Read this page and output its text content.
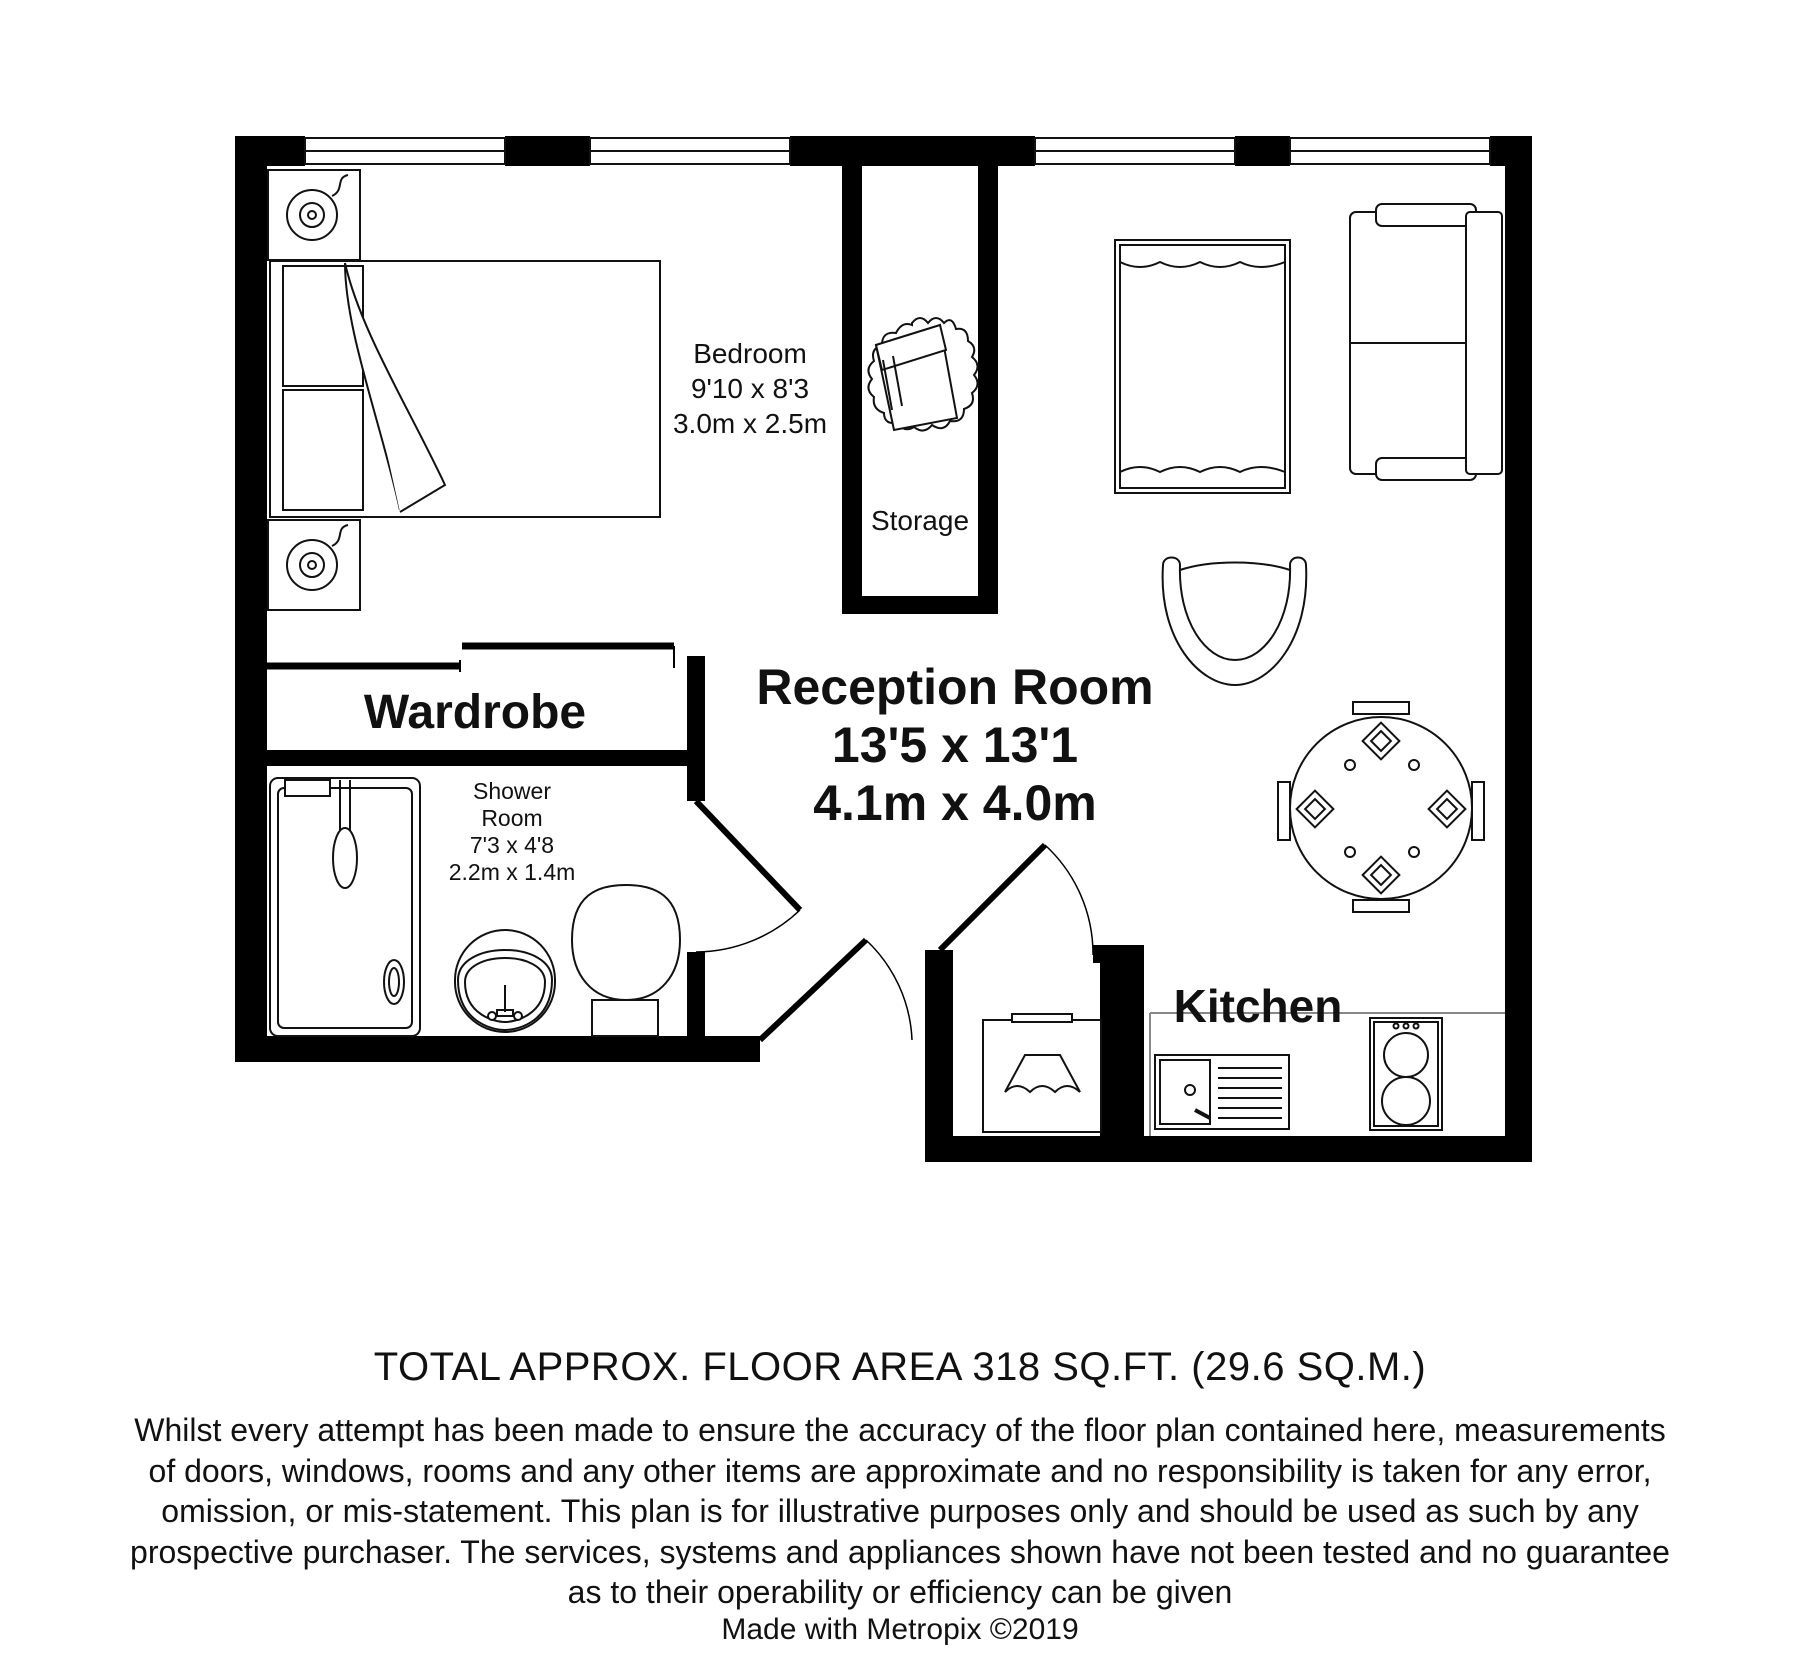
Bedroom
9'10 x 8'3
3.0m x 2.5m
Storage
Wardrobe	Reception Room
13'5 x 13'1
4.1m x 4.0m
Shower
Room
7'3 x 4'8
2.2m x 1.4m
Kitchen
TOTAL APPROX. FLOOR AREA 318 SQ.FT. (29.6 SQ.M.)
Whilst every attempt has been made to ensure the accuracy of the floor plan contained here, measurements
of doors, windows, rooms and any other items are approximate and no responsibility is taken for any error,
omission, or mis-statement. This plan is for illustrative purposes only and should be used as such by any
prospective purchaser. The services, systems and appliances shown have not been tested and no guarantee
as to their operability or efficiency can be given
Made with Metropix ©2019
